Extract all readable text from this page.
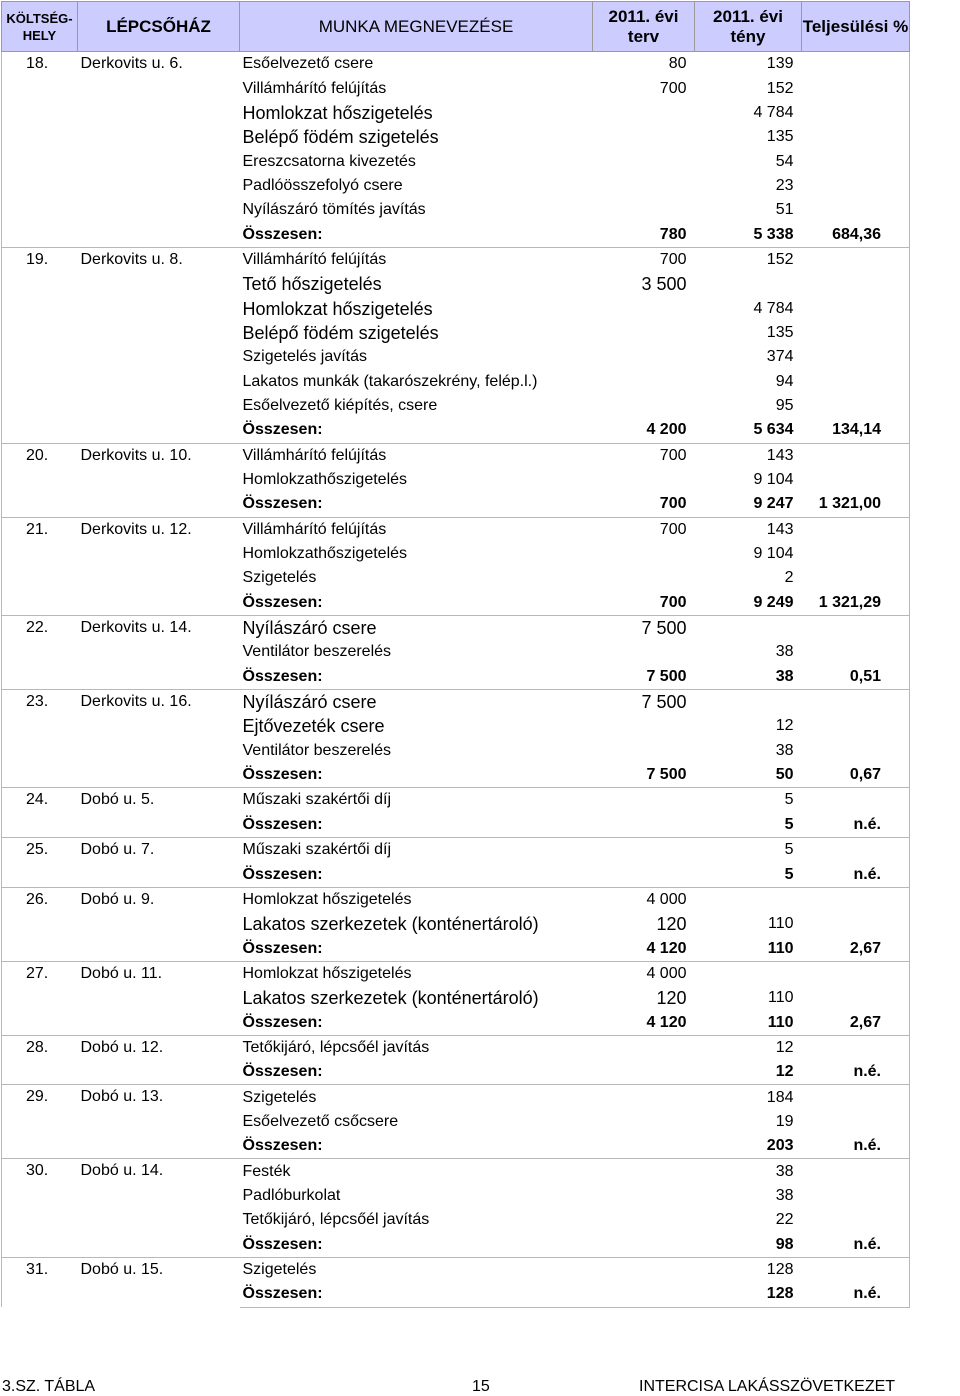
KÖLTSÉG-HELY	LÉPCSŐHÁZ	MUNKA MEGNEVEZÉSE	2011. évi terv	2011. évi tény	Teljesülési %
18.	Derkovits u. 6.	Esőelvezető csere	80	139	
		Villámhárító felújítás	700	152	
		Homlokzat hőszigetelés		4 784	
		Belépő födém szigetelés		135	
		Ereszcsatorna kivezetés		54	
		Padlóösszefolyó csere		23	
		Nyílászáró tömítés javítás		51	
		Összesen:	780	5 338	684,36
19.	Derkovits u. 8.	Villámhárító felújítás	700	152	
		Tető hőszigetelés	3 500		
		Homlokzat hőszigetelés		4 784	
		Belépő födém szigetelés		135	
		Szigetelés javítás		374	
		Lakatos munkák (takarószekrény, felép.l.)		94	
		Esőelvezető kiépítés, csere		95	
		Összesen:	4 200	5 634	134,14
20.	Derkovits u. 10.	Villámhárító felújítás	700	143	
		Homlokzathőszigetelés		9 104	
		Összesen:	700	9 247	1 321,00
21.	Derkovits u. 12.	Villámhárító felújítás	700	143	
		Homlokzathőszigetelés		9 104	
		Szigetelés		2	
		Összesen:	700	9 249	1 321,29
22.	Derkovits u. 14.	Nyílászáró csere	7 500		
		Ventilátor beszerelés		38	
		Összesen:	7 500	38	0,51
23.	Derkovits u. 16.	Nyílászáró csere	7 500		
		Ejtővezeték csere		12	
		Ventilátor beszerelés		38	
		Összesen:	7 500	50	0,67
24.	Dobó u. 5.	Műszaki szakértői díj		5	
		Összesen:		5	n.é.
25.	Dobó u. 7.	Műszaki szakértői díj		5	
		Összesen:		5	n.é.
26.	Dobó u. 9.	Homlokzat hőszigetelés	4 000		
		Lakatos szerkezetek (konténertároló)	120	110	
		Összesen:	4 120	110	2,67
27.	Dobó u. 11.	Homlokzat hőszigetelés	4 000		
		Lakatos szerkezetek (konténertároló)	120	110	
		Összesen:	4 120	110	2,67
28.	Dobó u. 12.	Tetőkijáró, lépcsőél javítás		12	
		Összesen:		12	n.é.
29.	Dobó u. 13.	Szigetelés		184	
		Esőelvezető csőcsere		19	
		Összesen:		203	n.é.
30.	Dobó u. 14.	Festék		38	
		Padlóburkolat		38	
		Tetőkijáró, lépcsőél javítás		22	
		Összesen:		98	n.é.
31.	Dobó u. 15.	Szigetelés		128	
		Összesen:		128	n.é.
3.SZ. TÁBLA	15	INTERCISA LAKÁSSZÖVETKEZET
